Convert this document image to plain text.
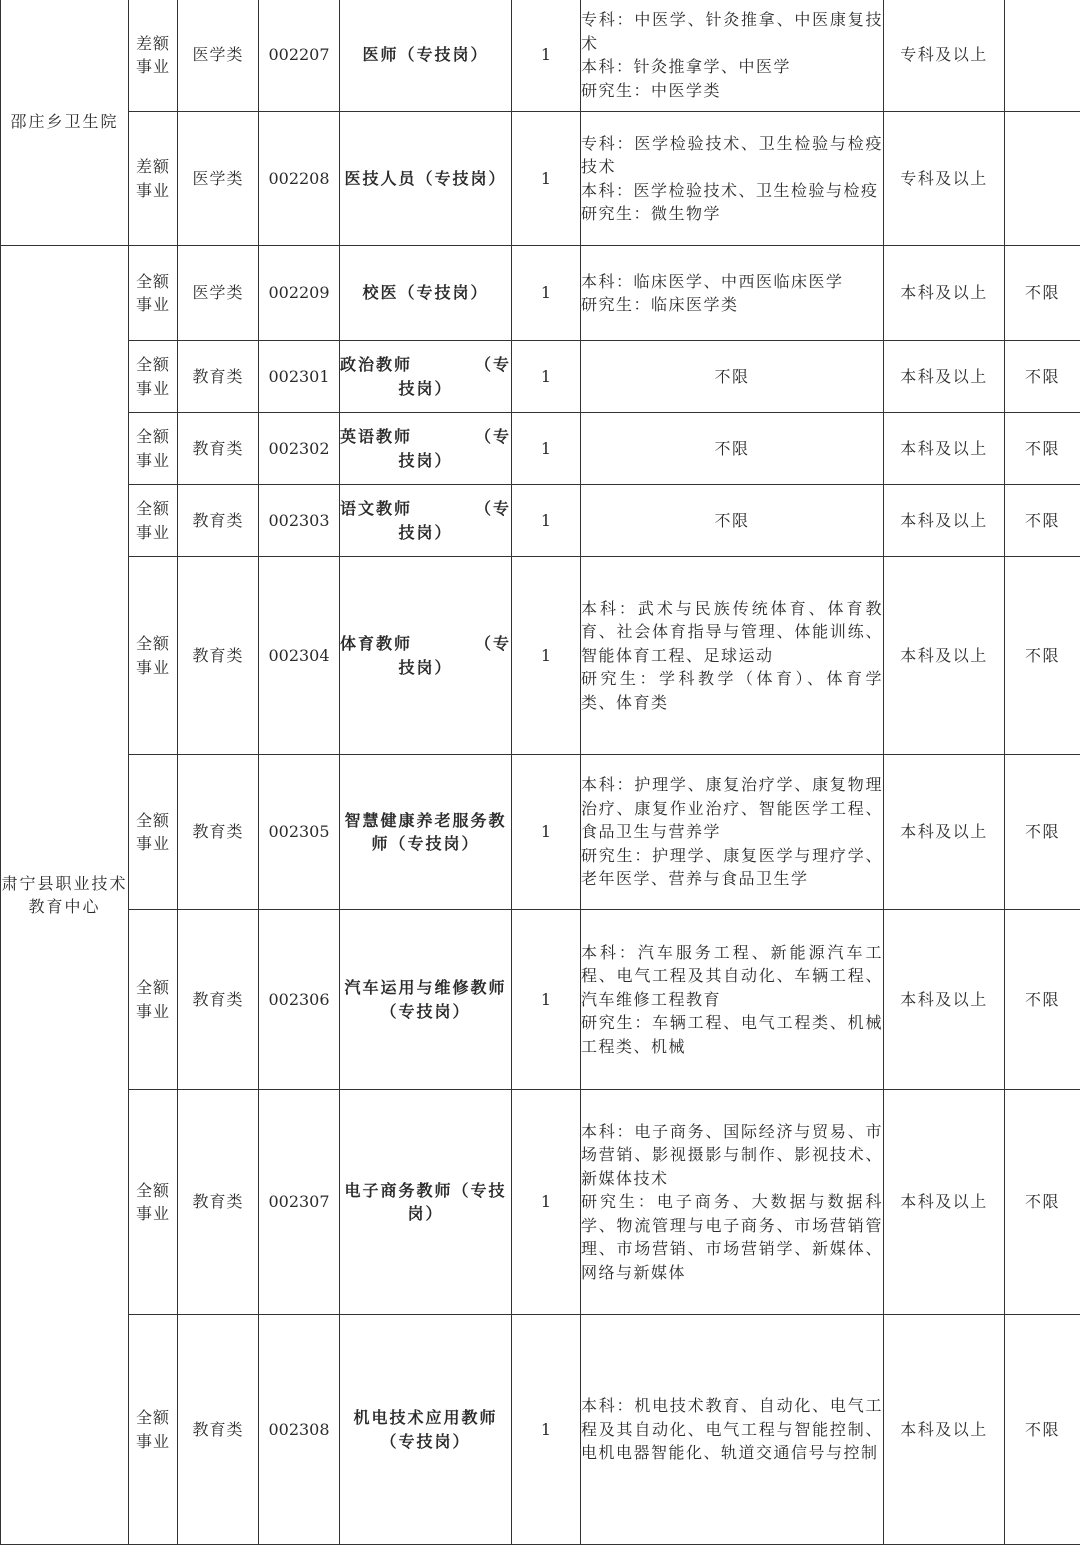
邵庄乡卫生院	差额事业	医学类	002207	医师（专技岗）	1	专科：中医学、针灸推拿、中医康复技术
本科：针灸推拿学、中医学
研究生：中医学类	专科及以上	
	差额事业	医学类	002208	医技人员（专技岗）	1	专科：医学检验技术、卫生检验与检疫技术
本科：医学检验技术、卫生检验与检疫
研究生：微生物学	专科及以上	
肃宁县职业技术教育中心	全额事业	医学类	002209	校医（专技岗）	1	本科：临床医学、中西医临床医学
研究生：临床医学类	本科及以上	不限
	全额事业	教育类	002301	政治教师 （专
技岗）	1	不限	本科及以上	不限
	全额事业	教育类	002302	英语教师 （专
技岗）	1	不限	本科及以上	不限
	全额事业	教育类	002303	语文教师 （专
技岗）	1	不限	本科及以上	不限
	全额事业	教育类	002304	体育教师 （专
技岗）	1	本科：武术与民族传统体育、体育教育、社会体育指导与管理、体能训练、智能体育工程、足球运动
研究生：学科教学（体育）、体育学类、体育类	本科及以上	不限
	全额事业	教育类	002305	智慧健康养老服务教师（专技岗）	1	本科：护理学、康复治疗学、康复物理治疗、康复作业治疗、智能医学工程、食品卫生与营养学
研究生：护理学、康复医学与理疗学、老年医学、营养与食品卫生学	本科及以上	不限
	全额事业	教育类	002306	汽车运用与维修教师（专技岗）	1	本科：汽车服务工程、新能源汽车工程、电气工程及其自动化、车辆工程、汽车维修工程教育
研究生：车辆工程、电气工程类、机械工程类、机械	本科及以上	不限
	全额事业	教育类	002307	电子商务教师（专技岗）	1	本科：电子商务、国际经济与贸易、市场营销、影视摄影与制作、影视技术、新媒体技术
研究生：电子商务、大数据与数据科学、物流管理与电子商务、市场营销管理、市场营销、市场营销学、新媒体、网络与新媒体	本科及以上	不限
	全额事业	教育类	002308	机电技术应用教师（专技岗）	1	本科：机电技术教育、自动化、电气工程及其自动化、电气工程与智能控制、电机电器智能化、轨道交通信号与控制	本科及以上	不限
